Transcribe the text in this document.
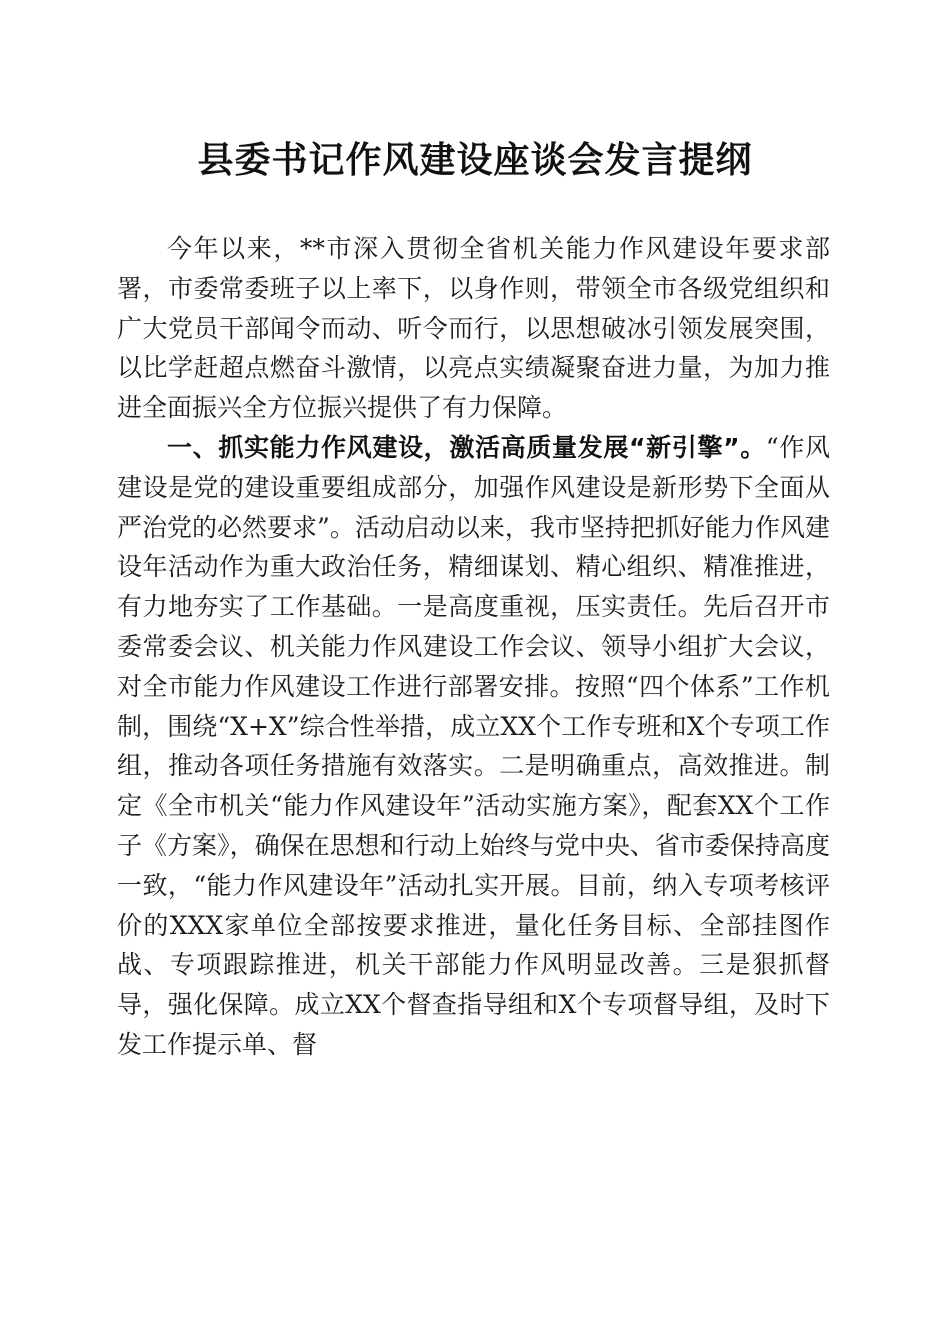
县委书记作风建设座谈会发言提纲

今年以来，**市深入贯彻全省机关能力作风建设年要求部署，市委常委班子以上率下，以身作则，带领全市各级党组织和广大党员干部闻令而动、听令而行，以思想破冰引领发展突围，以比学赶超点燃奋斗激情，以亮点实绩凝聚奋进力量，为加力推进全面振兴全方位振兴提供了有力保障。

一、抓实能力作风建设，激活高质量发展“新引擎”。“作风建设是党的建设重要组成部分，加强作风建设是新形势下全面从严治党的必然要求”。活动启动以来，我市坚持把抓好能力作风建设年活动作为重大政治任务，精细谋划、精心组织、精准推进，有力地夯实了工作基础。一是高度重视，压实责任。先后召开市委常委会议、机关能力作风建设工作会议、领导小组扩大会议，对全市能力作风建设工作进行部署安排。按照“四个体系”工作机制，围绕“X+X”综合性举措，成立XX个工作专班和X个专项工作组，推动各项任务措施有效落实。二是明确重点，高效推进。制定《全市机关“能力作风建设年”活动实施方案》，配套XX个工作子《方案》，确保在思想和行动上始终与党中央、省市委保持高度一致，“能力作风建设年”活动扎实开展。目前，纳入专项考核评价的XXX家单位全部按要求推进，量化任务目标、全部挂图作战、专项跟踪推进，机关干部能力作风明显改善。三是狠抓督导，强化保障。成立XX个督查指导组和X个专项督导组，及时下发工作提示单、督
